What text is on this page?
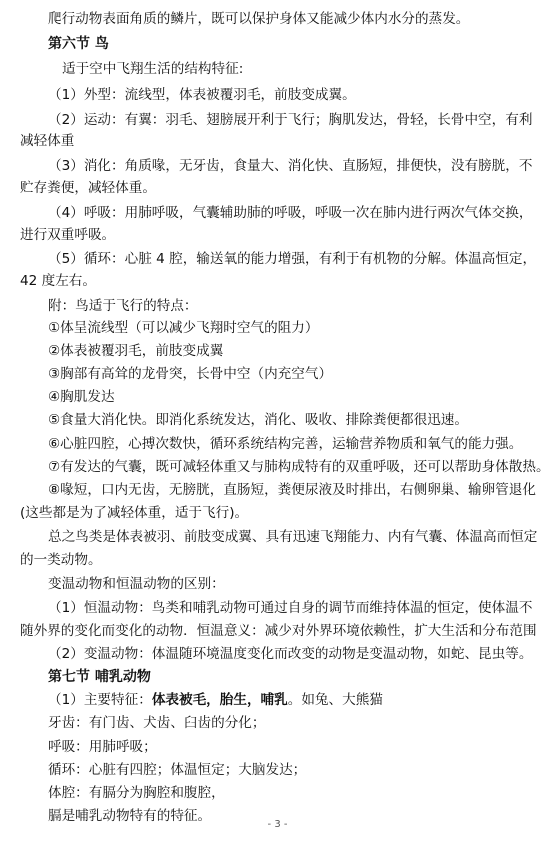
爬行动物表面角质的鳞片，既可以保护身体又能减少体内水分的蒸发。
第六节 鸟
适于空中飞翔生活的结构特征:
（1）外型：流线型，体表被覆羽毛，前肢变成翼。
（2）运动：有翼：羽毛、翅膀展开利于飞行；胸肌发达，骨轻，长骨中空，有利
减轻体重
（3）消化：角质喙，无牙齿，食量大、消化快、直肠短，排便快，没有膀胱，不
贮存粪便，减轻体重。
（4）呼吸：用肺呼吸，气囊辅助肺的呼吸，呼吸一次在肺内进行两次气体交换，
进行双重呼吸。
（5）循环：心脏 4 腔，输送氧的能力增强，有利于有机物的分解。体温高恒定，
42 度左右。
附：鸟适于飞行的特点：
①体呈流线型（可以减少飞翔时空气的阻力）
②体表被覆羽毛，前肢变成翼
③胸部有高耸的龙骨突，长骨中空（内充空气）
④胸肌发达
⑤食量大消化快。即消化系统发达，消化、吸收、排除粪便都很迅速。
⑥心脏四腔，心搏次数快，循环系统结构完善，运输营养物质和氧气的能力强。
⑦有发达的气囊，既可减轻体重又与肺构成特有的双重呼吸，还可以帮助身体散热。
⑧喙短，口内无齿，无膀胱，直肠短，粪便尿液及时排出，右侧卵巢、输卵管退化
(这些都是为了减轻体重，适于飞行)。
总之鸟类是体表被羽、前肢变成翼、具有迅速飞翔能力、内有气囊、体温高而恒定
的一类动物。
变温动物和恒温动物的区别：
（1）恒温动物：鸟类和哺乳动物可通过自身的调节而维持体温的恒定，使体温不
随外界的变化而变化的动物．恒温意义：减少对外界环境依赖性，扩大生活和分布范围
（2）变温动物：体温随环境温度变化而改变的动物是变温动物，如蛇、昆虫等。
第七节 哺乳动物
（1）主要特征：体表被毛，胎生，哺乳。如兔、大熊猫
牙齿：有门齿、犬齿、臼齿的分化；
呼吸：用肺呼吸；
循环：心脏有四腔；体温恒定；大脑发达；
体腔：有膈分为胸腔和腹腔，
膈是哺乳动物特有的特征。
- 3 -
